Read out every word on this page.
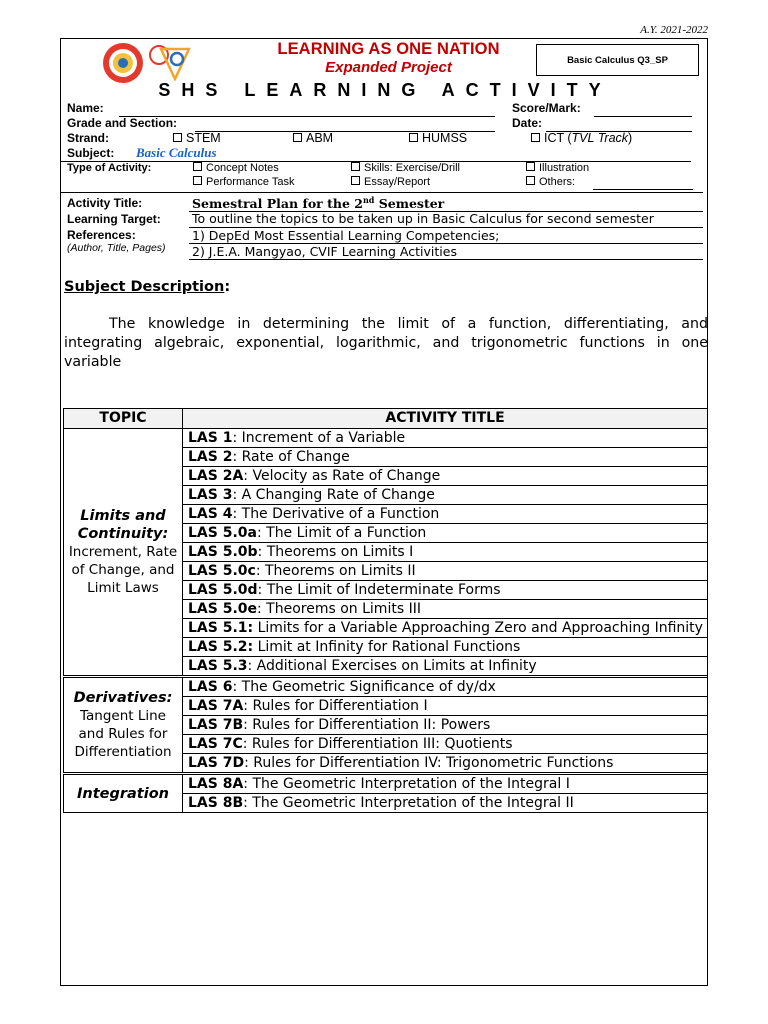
A.Y. 2021-2022
LEARNING AS ONE NATION
Expanded Project	Basic Calculus Q3_SP
SHS LEARNING ACTIVITY
Name:	Score/Mark:
Grade and Section:	Date:
Strand:	STEM	ABM	HUMSS	ICT (TVL Track)
Subject: Basic Calculus
Type of Activity:	Concept Notes	Skills: Exercise/Drill	Illustration
Performance Task	Essay/Report	Others:
Activity Title:	Semestral Plan for the 2nd Semester
Learning Target: To outline the topics to be taken up in Basic Calculus for second semester
References:
(Author, Title, Pages)
1) DepEd Most Essential Learning Competencies;
2) J.E.A. Mangyao, CVIF Learning Activities
Subject Description:
The knowledge in determining the limit of a function, differentiating, and integrating algebraic, exponential, logarithmic, and trigonometric functions in one variable
TOPIC	ACTIVITY TITLE

Limits and Continuity:
Increment, Rate of Change, and Limit Laws	LAS 1: Increment of a Variable
	LAS 2: Rate of Change
	LAS 2A: Velocity as Rate of Change
	LAS 3: A Changing Rate of Change
	LAS 4: The Derivative of a Function
	LAS 5.0a: The Limit of a Function
	LAS 5.0b: Theorems on Limits I
	LAS 5.0c: Theorems on Limits II
	LAS 5.0d: The Limit of Indeterminate Forms
	LAS 5.0e: Theorems on Limits III
	LAS 5.1: Limits for a Variable Approaching Zero and Approaching Infinity
	LAS 5.2: Limit at Infinity for Rational Functions
	LAS 5.3: Additional Exercises on Limits at Infinity

Derivatives:
Tangent Line and Rules for Differentiation	LAS 6: The Geometric Significance of dy/dx
	LAS 7A: Rules for Differentiation I
	LAS 7B: Rules for Differentiation II: Powers
	LAS 7C: Rules for Differentiation III: Quotients
	LAS 7D: Rules for Differentiation IV: Trigonometric Functions

Integration	LAS 8A: The Geometric Interpretation of the Integral I
	LAS 8B: The Geometric Interpretation of the Integral II
